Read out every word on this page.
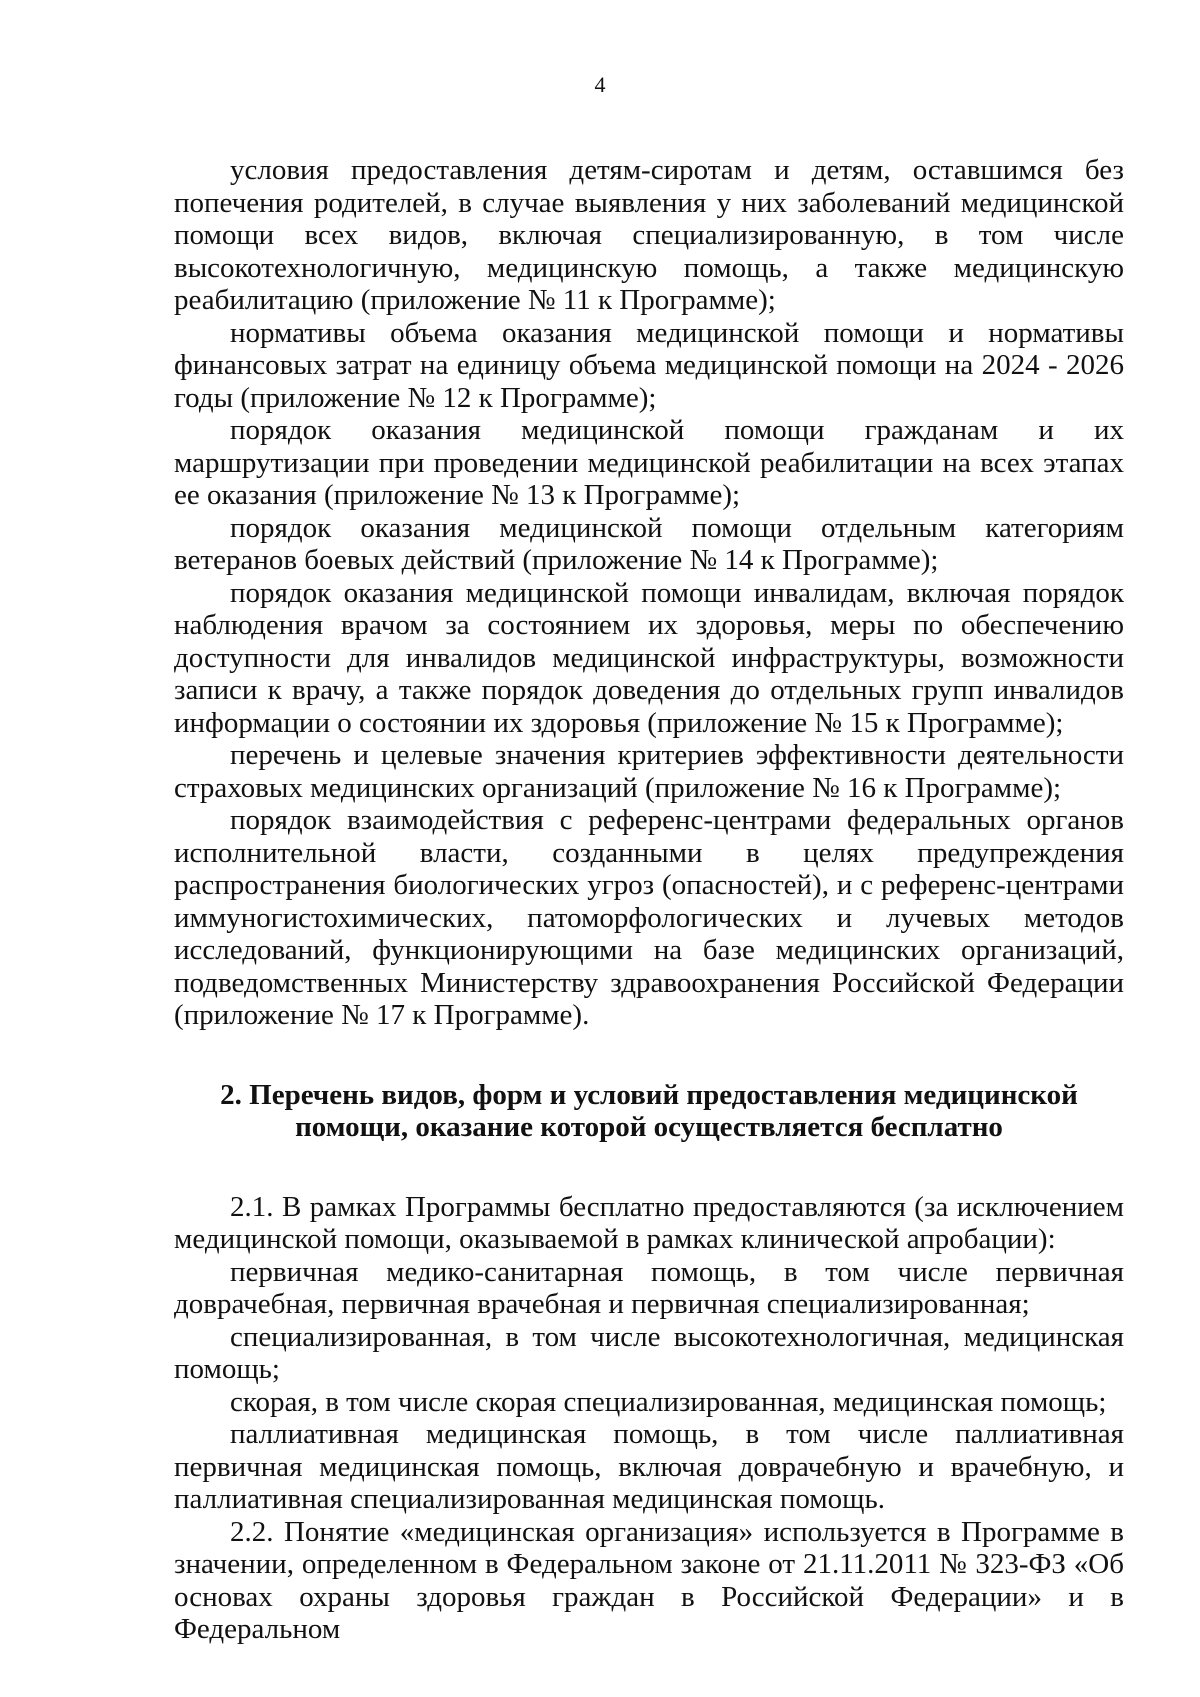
4

условия предоставления детям-сиротам и детям, оставшимся без попечения родителей, в случае выявления у них заболеваний медицинской помощи всех видов, включая специализированную, в том числе высокотехнологичную, медицинскую помощь, а также медицинскую реабилитацию (приложение № 11 к Программе);

нормативы объема оказания медицинской помощи и нормативы финансовых затрат на единицу объема медицинской помощи на 2024 - 2026 годы (приложение № 12 к Программе);

порядок оказания медицинской помощи гражданам и их маршрутизации при проведении медицинской реабилитации на всех этапах ее оказания (приложение № 13 к Программе);

порядок оказания медицинской помощи отдельным категориям ветеранов боевых действий (приложение № 14 к Программе);

порядок оказания медицинской помощи инвалидам, включая порядок наблюдения врачом за состоянием их здоровья, меры по обеспечению доступности для инвалидов медицинской инфраструктуры, возможности записи к врачу, а также порядок доведения до отдельных групп инвалидов информации о состоянии их здоровья (приложение № 15 к Программе);

перечень и целевые значения критериев эффективности деятельности страховых медицинских организаций (приложение № 16 к Программе);

порядок взаимодействия с референс-центрами федеральных органов исполнительной власти, созданными в целях предупреждения распространения биологических угроз (опасностей), и с референс-центрами иммуногистохимических, патоморфологических и лучевых методов исследований, функционирующими на базе медицинских организаций, подведомственных Министерству здравоохранения Российской Федерации (приложение № 17 к Программе).

2. Перечень видов, форм и условий предоставления медицинской помощи, оказание которой осуществляется бесплатно

2.1. В рамках Программы бесплатно предоставляются (за исключением медицинской помощи, оказываемой в рамках клинической апробации):

первичная медико-санитарная помощь, в том числе первичная доврачебная, первичная врачебная и первичная специализированная;

специализированная, в том числе высокотехнологичная, медицинская помощь;

скорая, в том числе скорая специализированная, медицинская помощь;

паллиативная медицинская помощь, в том числе паллиативная первичная медицинская помощь, включая доврачебную и врачебную, и паллиативная специализированная медицинская помощь.

2.2. Понятие «медицинская организация» используется в Программе в значении, определенном в Федеральном законе от 21.11.2011 № 323-ФЗ «Об основах охраны здоровья граждан в Российской Федерации» и в Федеральном
